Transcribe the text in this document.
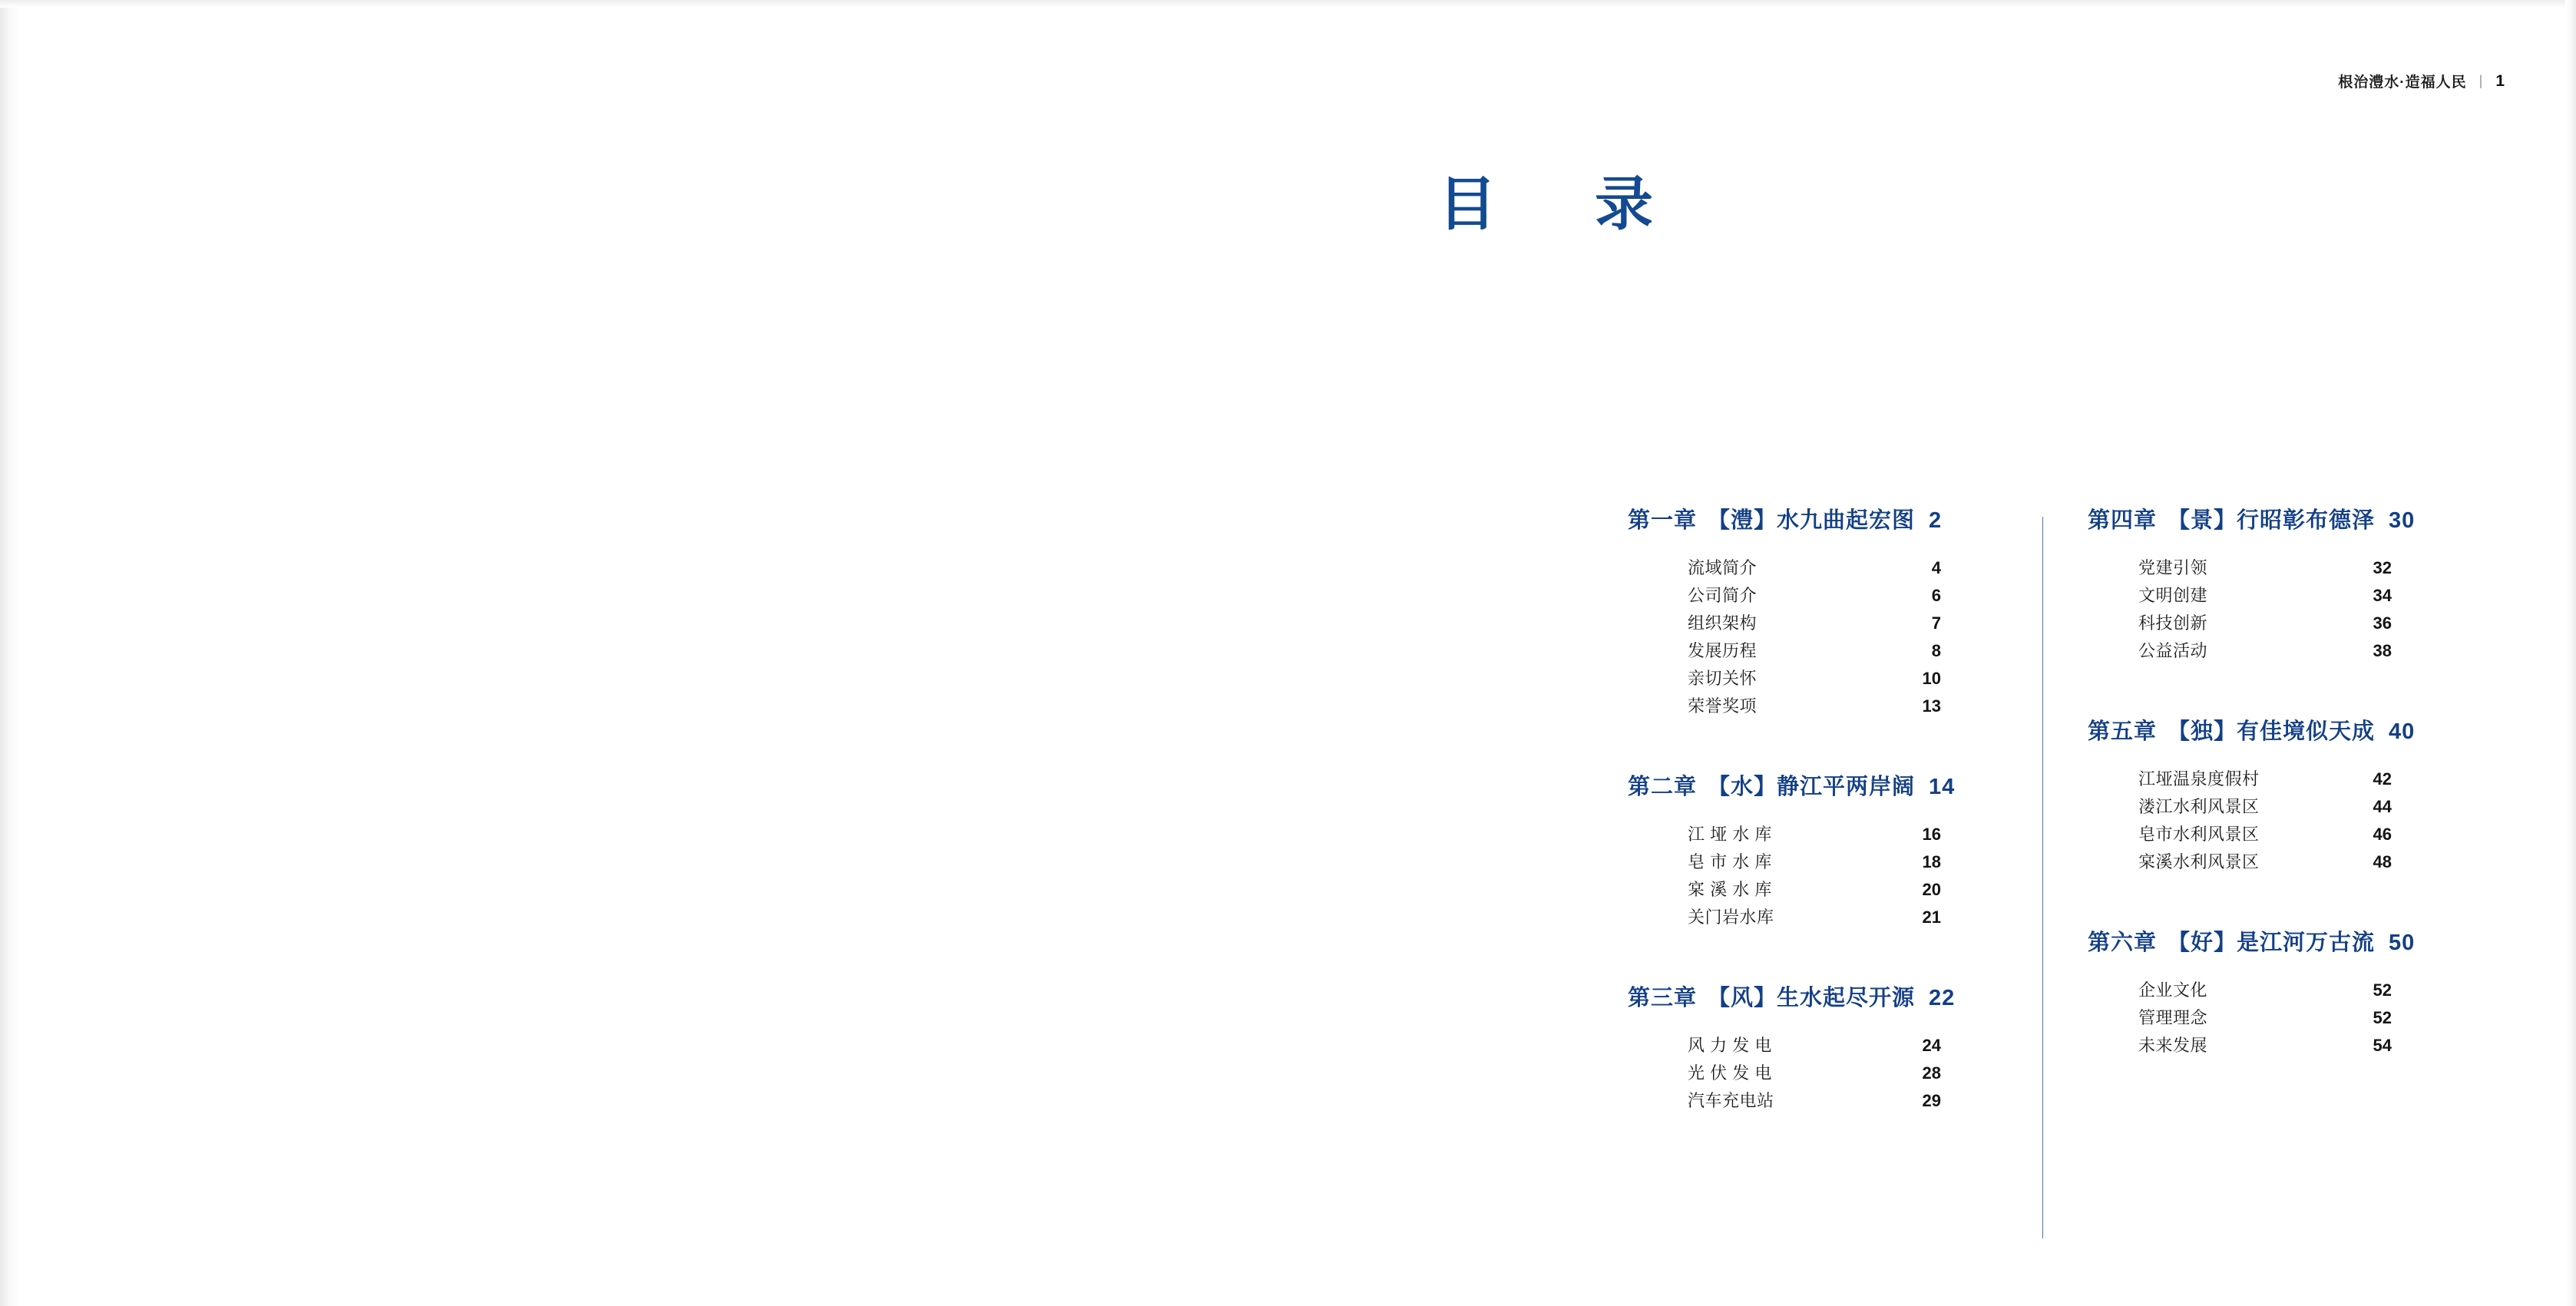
根治澧水·造福人民 | 1
目　录
第一章 【澧】水九曲起宏图 2
流域简介	4
公司简介	6
组织架构	7
发展历程	8
亲切关怀	10
荣誉奖项	13
第二章 【水】静江平两岸阔 14
江 垭 水 库	16
皂 市 水 库	18
宲 溪 水 库	20
关门岩水库	21
第三章 【风】生水起尽开源 22
风 力 发 电	24
光 伏 发 电	28
汽车充电站	29
第四章 【景】行昭彰布德泽 30
党建引领	32
文明创建	34
科技创新	36
公益活动	38
第五章 【独】有佳境似天成 40
江垭温泉度假村	42
溇江水利风景区	44
皂市水利风景区	46
宲溪水利风景区	48
第六章 【好】是江河万古流 50
企业文化	52
管理理念	52
未来发展	54
